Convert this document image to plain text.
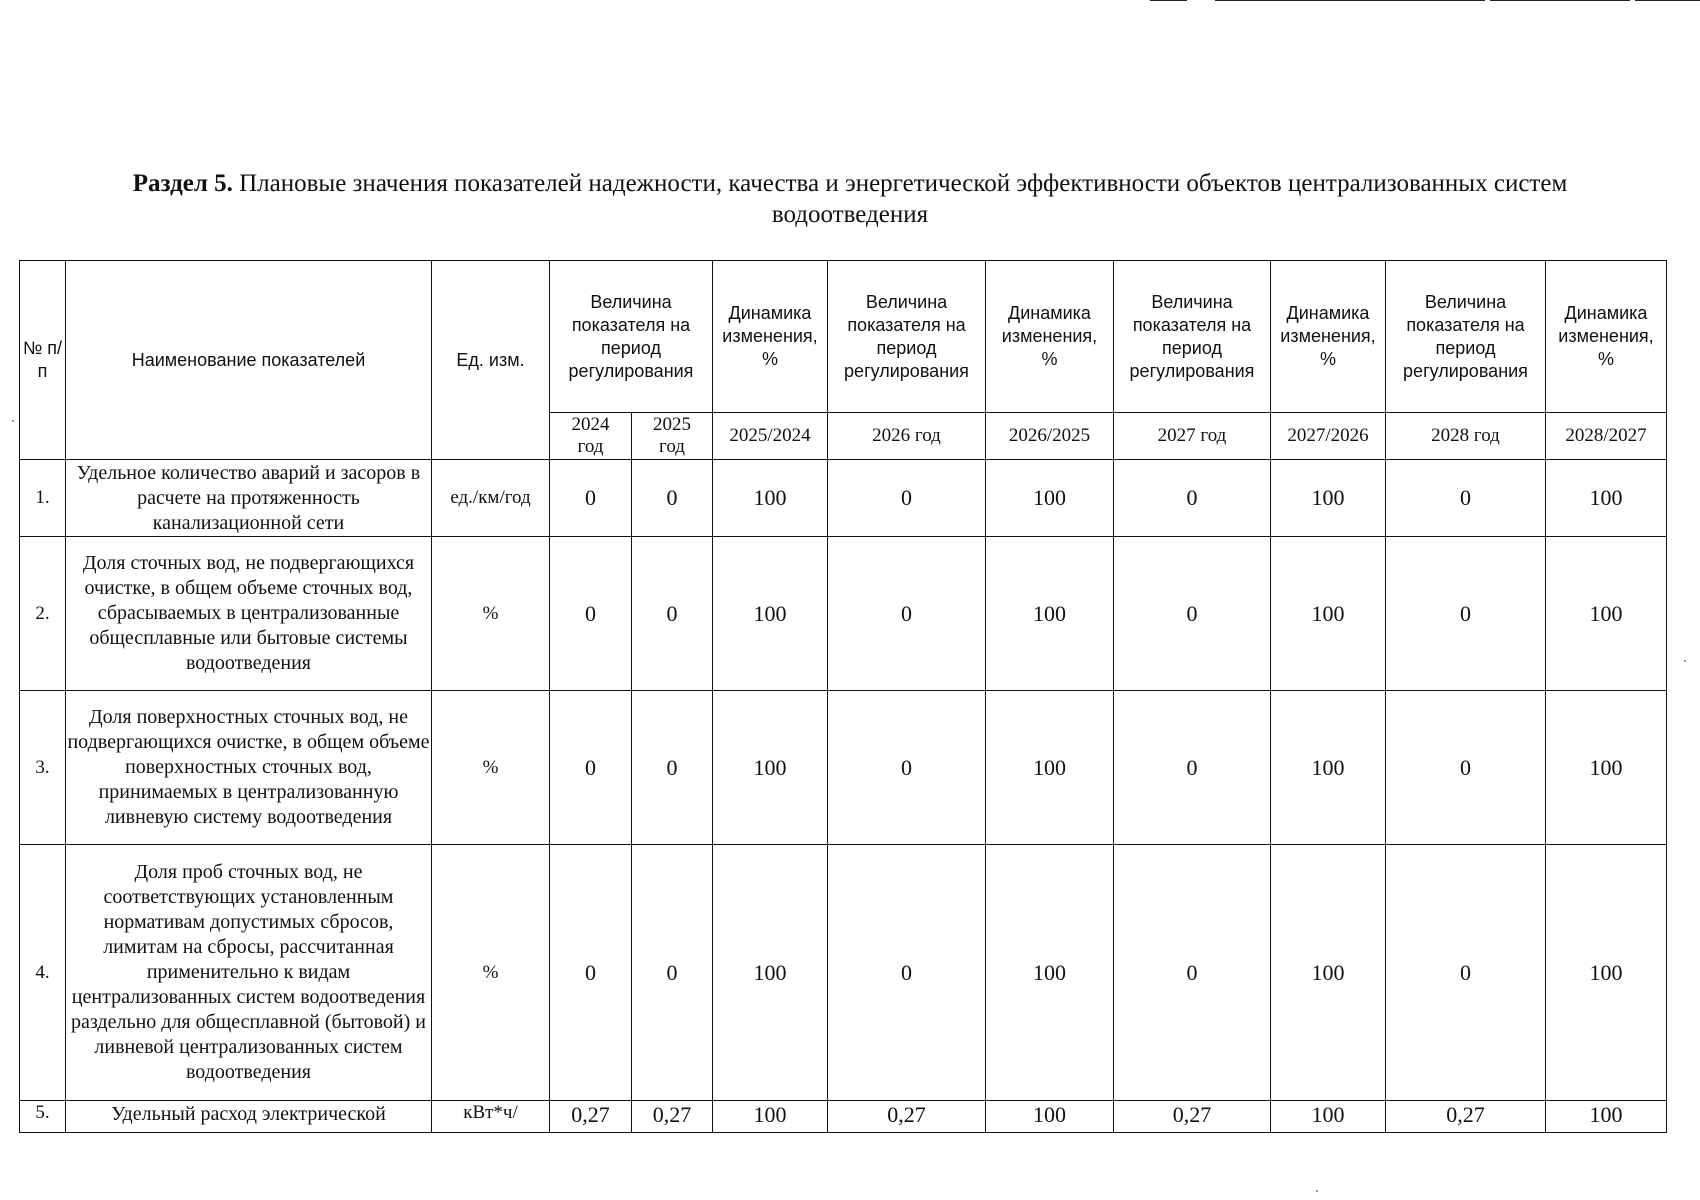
Раздел 5. Плановые значения показателей надежности, качества и энергетической эффективности объектов централизованных систем водоотведения
№ п/п	Наименование показателей	Ед. изм.	Величина показателя на период регулирования		Динамика изменения, %	Величина показателя на период регулирования	Динамика изменения, %	Величина показателя на период регулирования	Динамика изменения, %	Величина показателя на период регулирования	Динамика изменения, %
			2024 год	2025 год	2025/2024	2026 год	2026/2025	2027 год	2027/2026	2028 год	2028/2027
1.	Удельное количество аварий и засоров в расчете на протяженность канализационной сети	ед./км/год	0	0	100	0	100	0	100	0	100
2.	Доля сточных вод, не подвергающихся очистке, в общем объеме сточных вод, сбрасываемых в централизованные общесплавные или бытовые системы водоотведения	%	0	0	100	0	100	0	100	0	100
3.	Доля поверхностных сточных вод, не подвергающихся очистке, в общем объеме поверхностных сточных вод, принимаемых в централизованную ливневую систему водоотведения	%	0	0	100	0	100	0	100	0	100
4.	Доля проб сточных вод, не соответствующих установленным нормативам допустимых сбросов, лимитам на сбросы, рассчитанная применительно к видам централизованных систем водоотведения раздельно для общесплавной (бытовой) и ливневой централизованных систем водоотведения	%	0	0	100	0	100	0	100	0	100
5.	Удельный расход электрической	кВт*ч/	0,27	0,27	100	0,27	100	0,27	100	0,27	100
